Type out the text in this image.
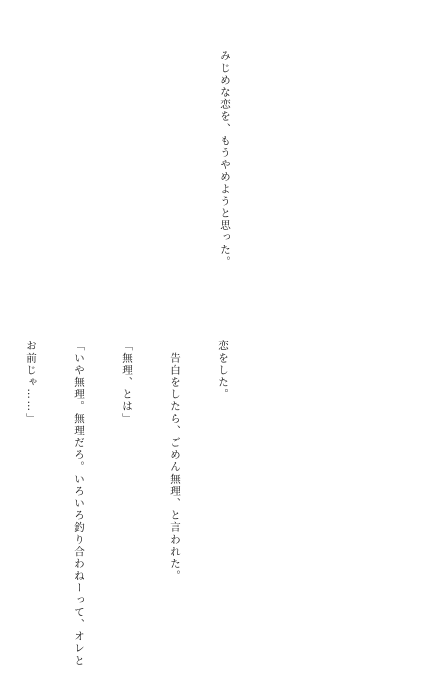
みじめな恋を、もうやめようと思った。

恋をした。

　告白をしたら、ごめん無理、と言われた。

「無理、とは」

「いや無理。無理だろ。いろいろ釣り合わねーって、オレと

お前じゃ……」
